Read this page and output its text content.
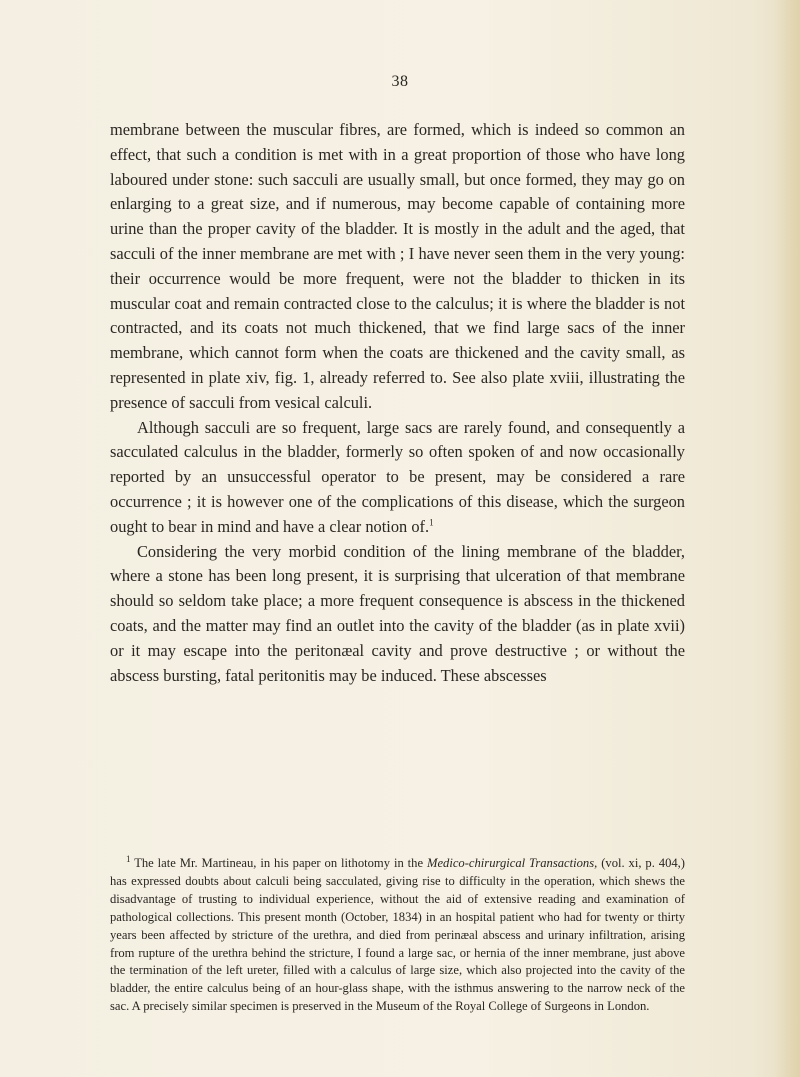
38

membrane between the muscular fibres, are formed, which is indeed so common an effect, that such a condition is met with in a great proportion of those who have long laboured under stone: such sacculi are usually small, but once formed, they may go on enlarging to a great size, and if numerous, may become capable of containing more urine than the proper cavity of the bladder. It is mostly in the adult and the aged, that sacculi of the inner membrane are met with ; I have never seen them in the very young: their occurrence would be more frequent, were not the bladder to thicken in its muscular coat and remain contracted close to the calculus; it is where the bladder is not contracted, and its coats not much thickened, that we find large sacs of the inner membrane, which cannot form when the coats are thickened and the cavity small, as represented in plate xiv, fig. 1, already referred to. See also plate xviii, illustrating the presence of sacculi from vesical calculi.

Although sacculi are so frequent, large sacs are rarely found, and consequently a sacculated calculus in the bladder, formerly so often spoken of and now occasionally reported by an unsuccessful operator to be present, may be considered a rare occurrence ; it is however one of the complications of this disease, which the surgeon ought to bear in mind and have a clear notion of.$^1$

Considering the very morbid condition of the lining membrane of the bladder, where a stone has been long present, it is surprising that ulceration of that membrane should so seldom take place; a more frequent consequence is abscess in the thickened coats, and the matter may find an outlet into the cavity of the bladder (as in plate xvii) or it may escape into the peritonæal cavity and prove destructive ; or without the abscess bursting, fatal peritonitis may be induced. These abscesses

$^1$ The late Mr. Martineau, in his paper on lithotomy in the Medico-chirurgical Transactions, (vol. xi, p. 404,) has expressed doubts about calculi being sacculated, giving rise to difficulty in the operation, which shews the disadvantage of trusting to individual experience, without the aid of extensive reading and examination of pathological collections. This present month (October, 1834) in an hospital patient who had for twenty or thirty years been affected by stricture of the urethra, and died from perinæal abscess and urinary infiltration, arising from rupture of the urethra behind the stricture, I found a large sac, or hernia of the inner membrane, just above the termination of the left ureter, filled with a calculus of large size, which also projected into the cavity of the bladder, the entire calculus being of an hour-glass shape, with the isthmus answering to the narrow neck of the sac. A precisely similar specimen is preserved in the Museum of the Royal College of Surgeons in London.
